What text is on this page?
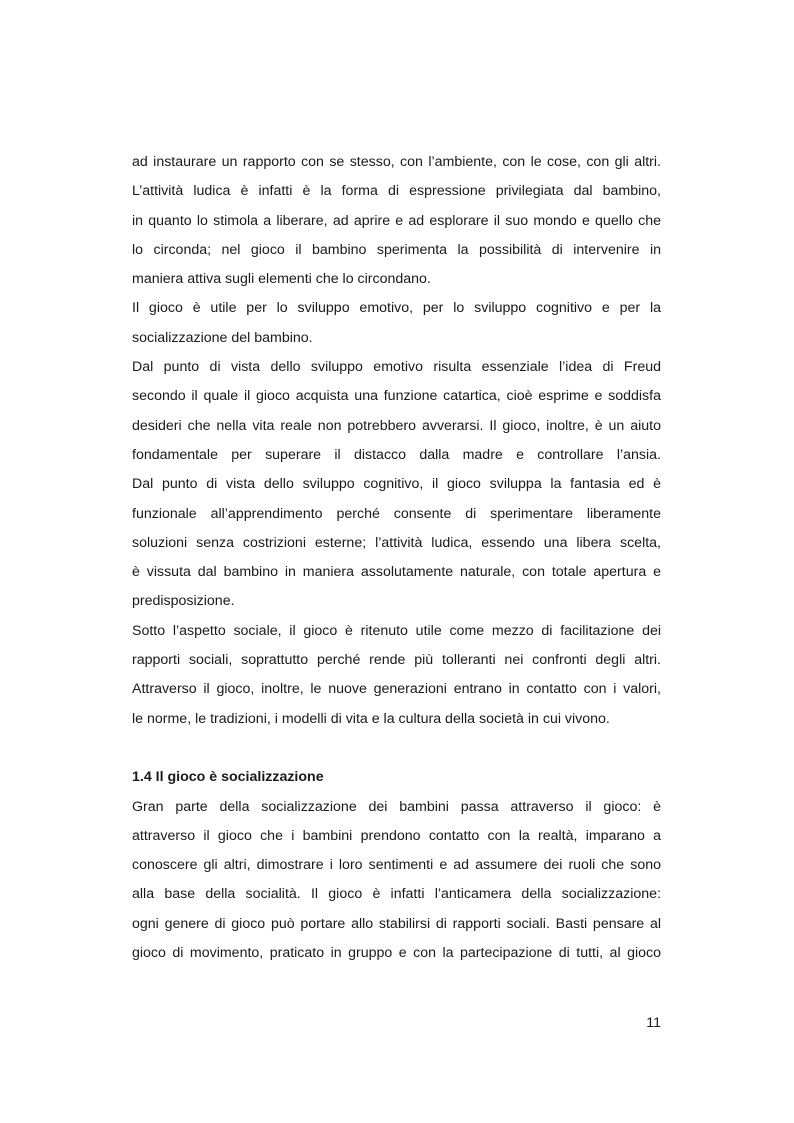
ad instaurare un rapporto con se stesso, con l’ambiente, con le cose, con gli altri.
L’attività ludica è infatti è la forma di espressione privilegiata dal bambino,
in quanto lo stimola a liberare, ad aprire e ad esplorare il suo mondo e quello che
lo circonda; nel gioco il bambino sperimenta la possibilità di intervenire in
maniera attiva sugli elementi che lo circondano.
Il gioco è utile per lo sviluppo emotivo, per lo sviluppo cognitivo e per la
socializzazione del bambino.
Dal punto di vista dello sviluppo emotivo risulta essenziale l’idea di Freud
secondo il quale il gioco acquista una funzione catartica, cioè esprime e soddisfa
desideri che nella vita reale non potrebbero avverarsi. Il gioco, inoltre, è un aiuto
fondamentale per superare il distacco dalla madre e controllare l’ansia.
Dal punto di vista dello sviluppo cognitivo, il gioco sviluppa la fantasia ed è
funzionale all’apprendimento perché consente di sperimentare liberamente
soluzioni senza costrizioni esterne; l’attività ludica, essendo una libera scelta,
è vissuta dal bambino in maniera assolutamente naturale, con totale apertura e
predisposizione.
Sotto l’aspetto sociale, il gioco è ritenuto utile come mezzo di facilitazione dei
rapporti sociali, soprattutto perché rende più tolleranti nei confronti degli altri.
Attraverso il gioco, inoltre, le nuove generazioni entrano in contatto con i valori,
le norme, le tradizioni, i modelli di vita e la cultura della società in cui vivono.
1.4 Il gioco è socializzazione
Gran parte della socializzazione dei bambini passa attraverso il gioco: è
attraverso il gioco che i bambini prendono contatto con la realtà, imparano a
conoscere gli altri, dimostrare i loro sentimenti e ad assumere dei ruoli che sono
alla base della socialità. Il gioco è infatti l’anticamera della socializzazione:
ogni genere di gioco può portare allo stabilirsi di rapporti sociali. Basti pensare al
gioco di movimento, praticato in gruppo e con la partecipazione di tutti, al gioco
11
